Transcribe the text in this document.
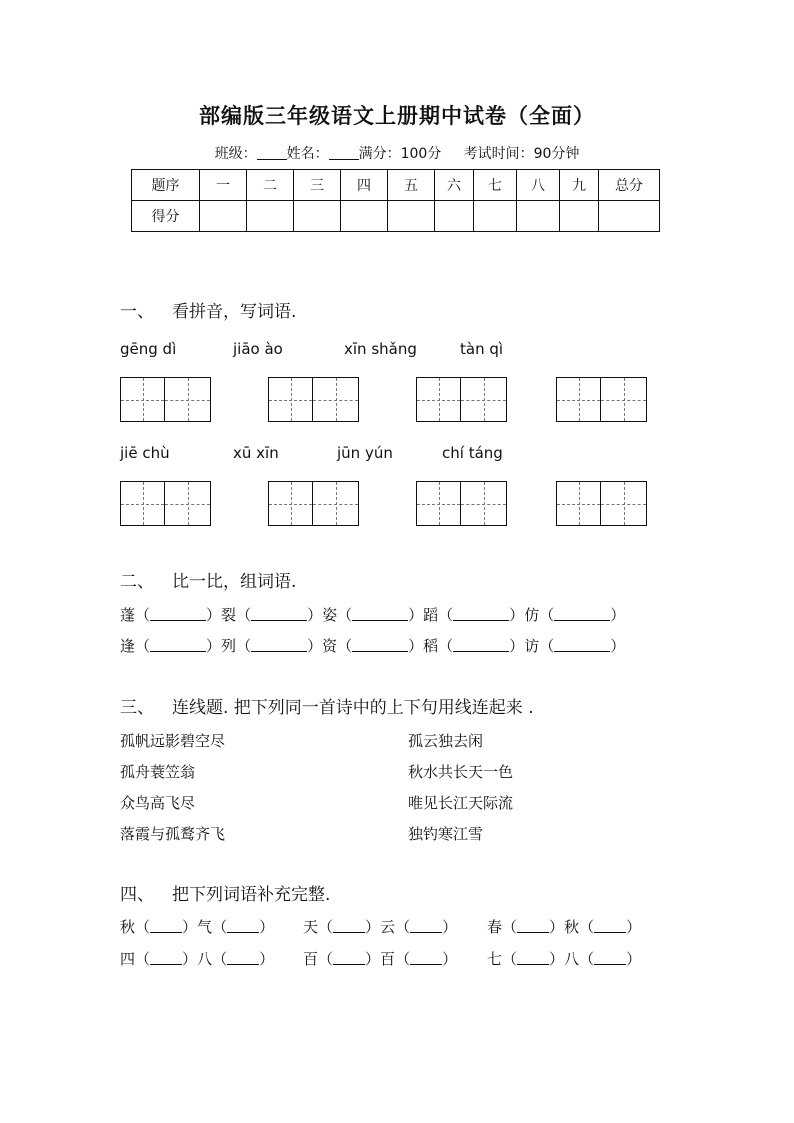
部编版三年级语文上册期中试卷（全面）
班级： 姓名： 满分：100分 考试时间：90分钟
题序	一	二	三	四	五	六	七	八	九	总分
得分										
一、 看拼音，写词语.
gēng dì	jiāo ào	xīn shǎng	tàn qì
jiē chù	xū xīn	jūn yún	chí táng
二、 比一比，组词语.
蓬（	）裂（	）姿（	）蹈（	）仿（	）
逢（	）列（	）资（	）稻（	）访（	）
三、 连线题. 把下列同一首诗中的上下句用线连起来 .
孤帆远影碧空尽
孤舟蓑笠翁
众鸟高飞尽
落霞与孤鹜齐飞
孤云独去闲
秋水共长天一色
唯见长江天际流
独钓寒江雪
四、 把下列词语补充完整.
秋（ ）气（ ） 天（ ）云（ ） 春（ ）秋（ ）
四（ ）八（ ） 百（ ）百（ ） 七（ ）八（ ）
